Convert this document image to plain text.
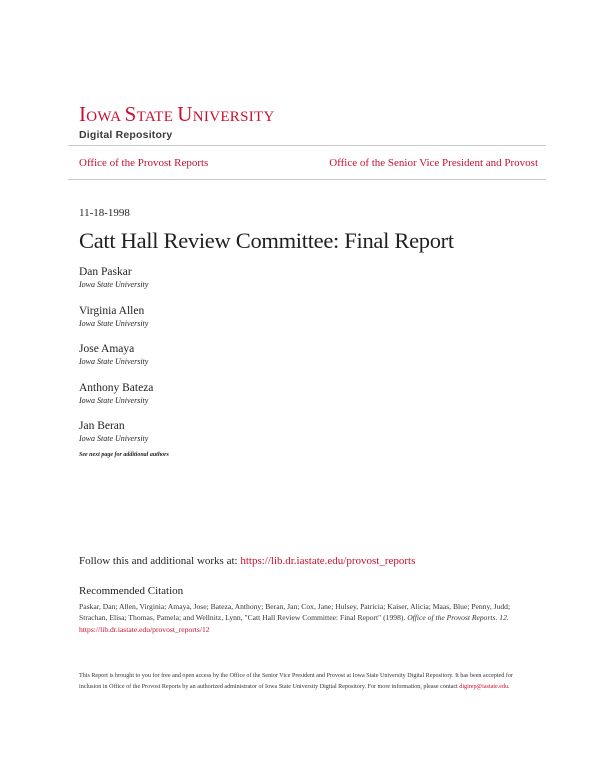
IOWA STATE UNIVERSITY
Digital Repository
Office of the Provost Reports	Office of the Senior Vice President and Provost
11-18-1998
Catt Hall Review Committee: Final Report
Dan Paskar
Iowa State University
Virginia Allen
Iowa State University
Jose Amaya
Iowa State University
Anthony Bateza
Iowa State University
Jan Beran
Iowa State University
See next page for additional authors
Follow this and additional works at: https://lib.dr.iastate.edu/provost_reports
Recommended Citation
Paskar, Dan; Allen, Virginia; Amaya, Jose; Bateza, Anthony; Beran, Jan; Cox, Jane; Hulsey, Patricia; Kaiser, Alicia; Maas, Blue; Penny, Judd; Strachan, Elisa; Thomas, Pamela; and Wellnitz, Lynn, "Catt Hall Review Committee: Final Report" (1998). Office of the Provost Reports. 12.
https://lib.dr.iastate.edu/provost_reports/12
This Report is brought to you for free and open access by the Office of the Senior Vice President and Provost at Iowa State University Digital Repository. It has been accepted for inclusion in Office of the Provost Reports by an authorized administrator of Iowa State University Digital Repository. For more information, please contact digirep@iastate.edu.
